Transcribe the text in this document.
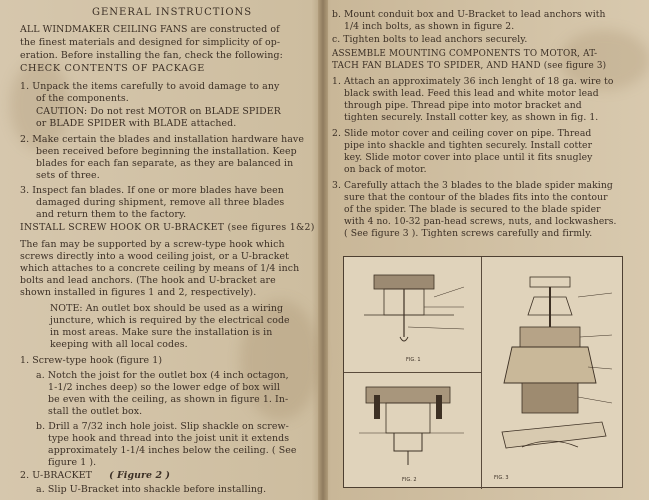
GENERAL INSTRUCTIONS
ALL WINDMAKER CEILING FANS are constructed of
the finest materials and designed for simplicity of op-
eration. Before installing the fan, check the following:
CHECK CONTENTS OF PACKAGE
1. Unpack the items carefully to avoid damage to any
of the components.
CAUTION: Do not rest MOTOR on BLADE SPIDER
or BLADE SPIDER with BLADE attached.
2. Make certain the blades and installation hardware have
been received before beginning the installation. Keep
blades for each fan separate, as they are balanced in
sets of three.
3. Inspect fan blades. If one or more blades have been
damaged during shipment, remove all three blades
and return them to the factory.
INSTALL SCREW HOOK OR U-BRACKET (see figures 1&2)
The fan may be supported by a screw-type hook which
screws directly into a wood ceiling joist, or a U-bracket
which attaches to a concrete ceiling by means of 1/4 inch
bolts and lead anchors. (The hook and U-bracket are
shown installed in figures 1 and 2, respectively).
NOTE: An outlet box should be used as a wiring
juncture, which is required by the electrical code
in most areas. Make sure the installation is in
keeping with all local codes.
1. Screw-type hook (figure 1)
a. Notch the joist for the outlet box (4 inch octagon,
1-1/2 inches deep) so the lower edge of box will
be even with the ceiling, as shown in figure 1. In-
stall the outlet box.
b. Drill a 7/32 inch hole joist. Slip shackle on screw-
type hook and thread into the joist unit it extends
approximately 1-1/4 inches below the ceiling. ( See
figure 1 ).
2. U-BRACKET ( Figure 2 )
a. Slip U-Bracket into shackle before installing.
b. Mount conduit box and U-Bracket to lead anchors with
1/4 inch bolts, as shown in figure 2.
c. Tighten bolts to lead anchors securely.
ASSEMBLE MOUNTING COMPONENTS TO MOTOR, AT-
TACH FAN BLADES TO SPIDER, AND HAND (see figure 3)
1. Attach an approximately 36 inch lenght of 18 ga. wire to
black swith lead. Feed this lead and white motor lead
through pipe. Thread pipe into motor bracket and
tighten securely. Install cotter key, as shown in fig. 1.
2. Slide motor cover and ceiling cover on pipe. Thread
pipe into shackle and tighten securely. Install cotter
key. Slide motor cover into place until it fits snugley
on back of motor.
3. Carefully attach the 3 blades to the blade spider making
sure that the contour of the blades fits into the contour
of the spider. The blade is secured to the blade spider
with 4 no. 10-32 pan-head screws, nuts, and lockwashers.
( See figure 3 ). Tighten screws carefully and firmly.
FIG. 1
FIG. 2	FIG. 3
